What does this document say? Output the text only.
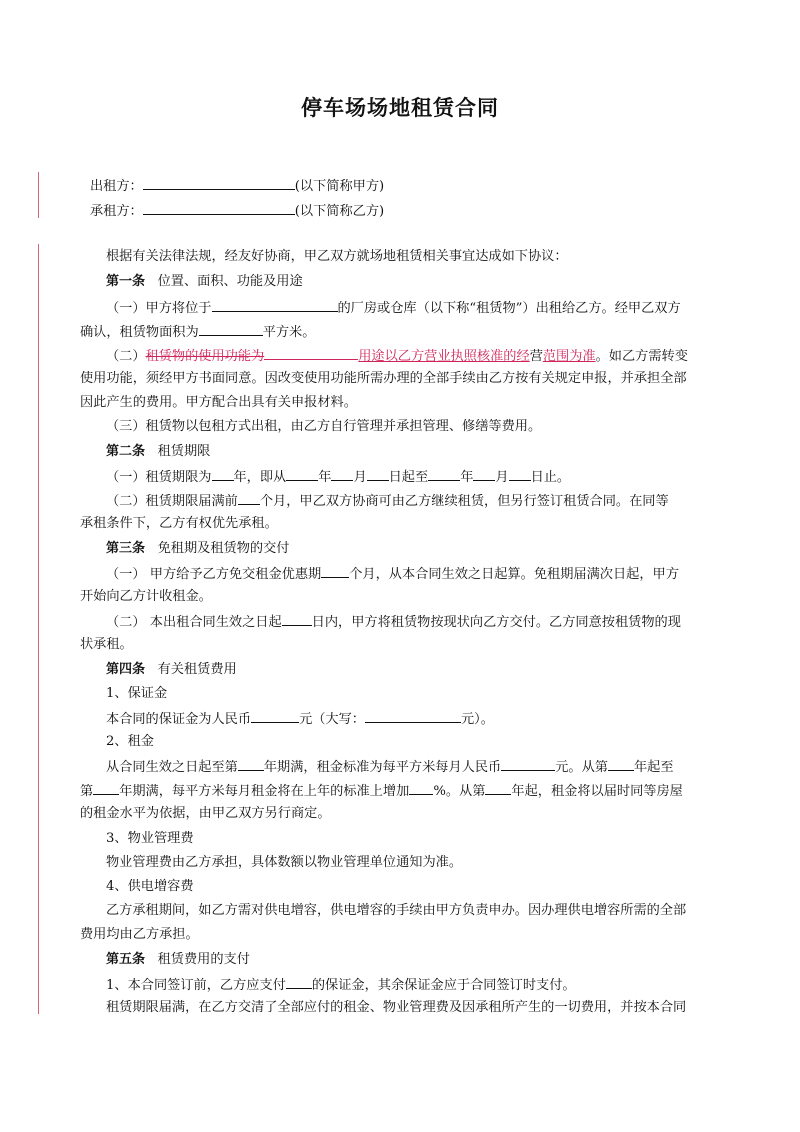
停车场场地租赁合同
出租方：	(以下简称甲方)
承租方：	(以下简称乙方)
根据有关法律法规，经友好协商，甲乙双方就场地租赁相关事宜达成如下协议：
第一条 位置、面积、功能及用途
（一）甲方将位于	的厂房或仓库（以下称“租赁物”）出租给乙方。经甲乙双方
确认，租赁物面积为	平方米。
（二）租赁物的使用功能为	用途以乙方营业执照核准的经营范围为准。如乙方需转变
使用功能，须经甲方书面同意。因改变使用功能所需办理的全部手续由乙方按有关规定申报，并承担全部
因此产生的费用。甲方配合出具有关申报材料。
（三）租赁物以包租方式出租，由乙方自行管理并承担管理、修缮等费用。
第二条 租赁期限
（一）租赁期限为 年，即从 年 月 日起至 年 月 日止。
（二）租赁期限届满前 个月，甲乙双方协商可由乙方继续租赁，但另行签订租赁合同。在同等
承租条件下，乙方有权优先承租。
第三条 免租期及租赁物的交付
（一） 甲方给予乙方免交租金优惠期 个月，从本合同生效之日起算。免租期届满次日起，甲方
开始向乙方计收租金。
（二） 本出租合同生效之日起 日内，甲方将租赁物按现状向乙方交付。乙方同意按租赁物的现
状承租。
第四条 有关租赁费用
1、保证金
本合同的保证金为人民币	元（大写：	元）。
2、租金
从合同生效之日起至第 年期满，租金标准为每平方米每月人民币	元。从第 年起至
第 年期满，每平方米每月租金将在上年的标准上增加 %。从第 年起，租金将以届时同等房屋
的租金水平为依据，由甲乙双方另行商定。
3、物业管理费
物业管理费由乙方承担，具体数额以物业管理单位通知为准。
4、供电增容费
乙方承租期间，如乙方需对供电增容，供电增容的手续由甲方负责申办。因办理供电增容所需的全部
费用均由乙方承担。
第五条 租赁费用的支付
1、本合同签订前，乙方应支付 的保证金，其余保证金应于合同签订时支付。
租赁期限届满，在乙方交清了全部应付的租金、物业管理费及因承租所产生的一切费用，并按本合同
